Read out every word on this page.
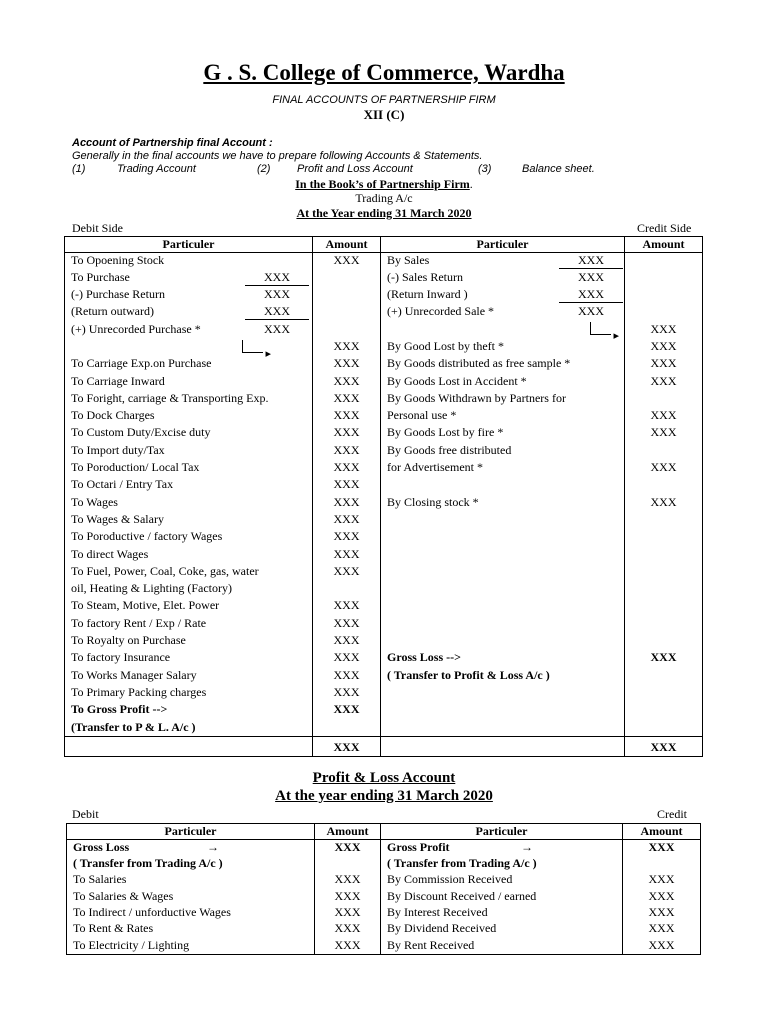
G . S. College of Commerce, Wardha
FINAL ACCOUNTS OF PARTNERSHIP FIRM
XII (C)
Account of Partnership final Account :
Generally in the final accounts we have to prepare following Accounts & Statements.
(1)	Trading Account	(2) Profit and Loss Account	(3)	Balance sheet.
In the Book’s of Partnership Firm.
Trading A/c
At the Year ending 31 March 2020
Debit Side	Credit Side
Particuler	Amount	Particuler	Amount
To Opoening Stock	XXX	By Sales XXX	

To Purchase XXX		(-) Sales Return XXX	

(-) Purchase Return XXX		(Return Inward ) XXX	

(Return outward) XXX		(+) Unrecorded Sale * XXX	

(+) Unrecorded Purchase * XXX			XXX
	XXX	By Good Lost by theft *	XXX
To Carriage Exp.on Purchase	XXX	By Goods distributed as free sample *	XXX
To Carriage Inward	XXX	By Goods Lost in Accident *	XXX
To Foright, carriage & Transporting Exp.	XXX	By Goods Withdrawn by Partners for	
To Dock Charges	XXX	Personal use *	XXX
To Custom Duty/Excise duty	XXX	By Goods Lost by fire *	XXX
To Import duty/Tax	XXX	By Goods free distributed	
To Poroduction/ Local Tax	XXX	for Advertisement *	XXX
To Octari / Entry Tax	XXX		
To Wages	XXX	By Closing stock *	XXX
To Wages & Salary	XXX		
To Poroductive / factory Wages	XXX		
To direct Wages	XXX		
To Fuel, Power, Coal, Coke, gas, water	XXX		
oil, Heating & Lighting (Factory)			
To Steam, Motive, Elet. Power	XXX		
To factory Rent / Exp / Rate	XXX		
To Royalty on Purchase	XXX		
To factory Insurance	XXX	Gross Loss -->	XXX
To Works Manager Salary	XXX	( Transfer to Profit & Loss A/c )	
To Primary Packing charges	XXX		
To Gross Profit -->	XXX		
(Transfer to P & L. A/c )			
	XXX		XXX
▸
▸
Profit & Loss Account
At the year ending 31 March 2020
Debit	Credit
Particuler	Amount	Particuler	Amount
Gross Loss →	XXX	Gross Profit →	XXX
( Transfer from Trading A/c )		( Transfer from Trading A/c )	
To Salaries	XXX	By Commission Received	XXX
To Salaries & Wages	XXX	By Discount Received / earned	XXX
To Indirect / unforductive Wages	XXX	By Interest Received	XXX
To Rent & Rates	XXX	By Dividend Received	XXX
To Electricity / Lighting	XXX	By Rent Received	XXX
